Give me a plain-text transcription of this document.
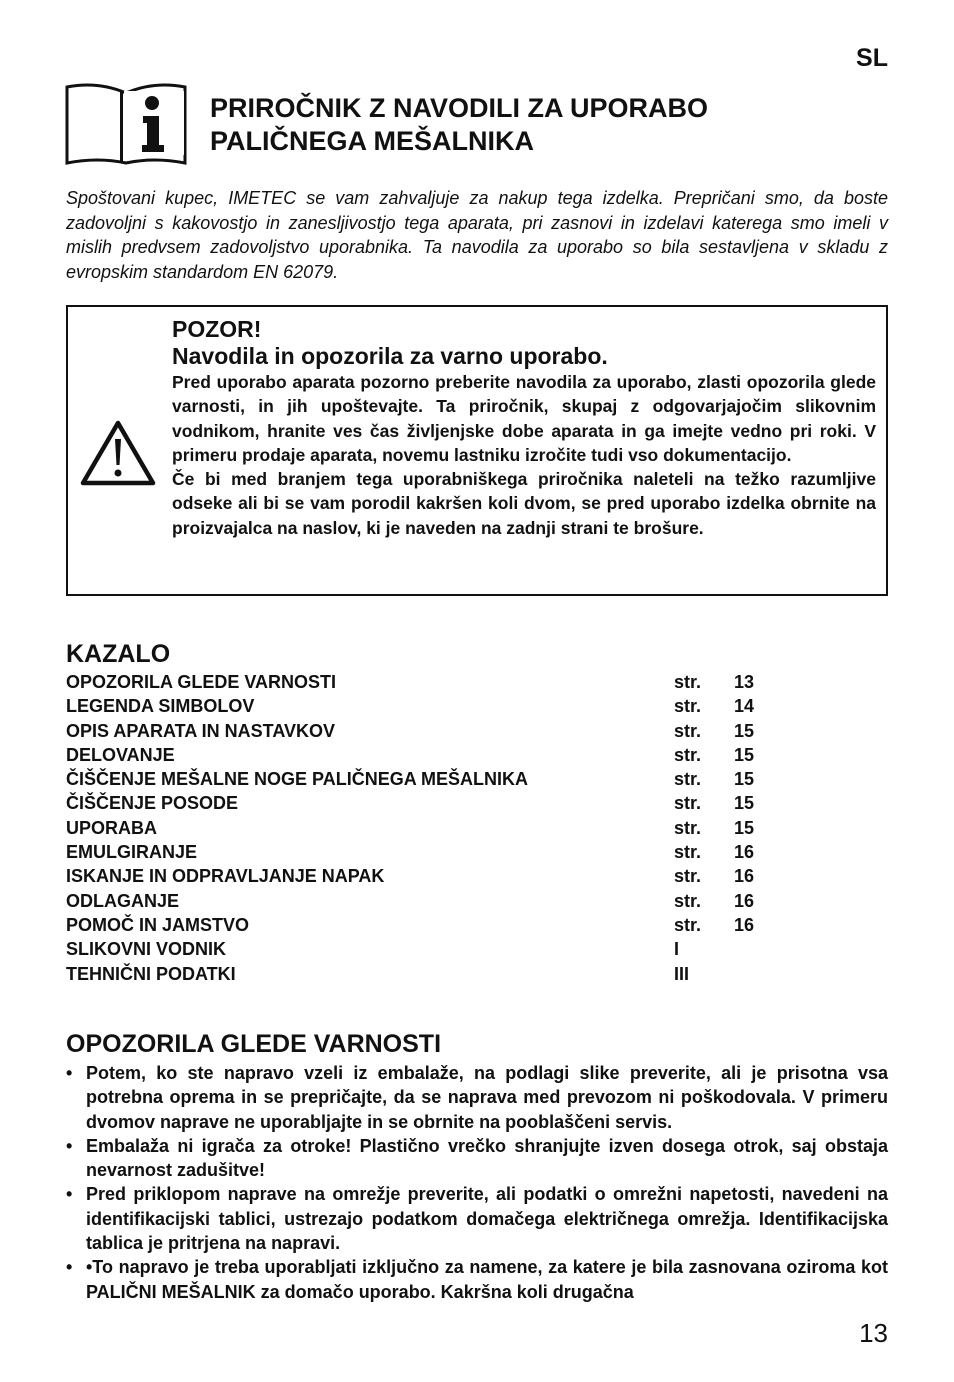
SL
PRIROČNIK Z NAVODILI ZA UPORABO
PALIČNEGA MEŠALNIKA
Spoštovani kupec, IMETEC se vam zahvaljuje za nakup tega izdelka. Prepričani smo, da boste zadovoljni s kakovostjo in zanesljivostjo tega aparata, pri zasnovi in izdelavi katerega smo imeli v mislih predvsem zadovoljstvo uporabnika. Ta navodila za uporabo so bila sestavljena v skladu z evropskim standardom EN 62079.
POZOR!
Navodila in opozorila za varno uporabo.
Pred uporabo aparata pozorno preberite navodila za uporabo, zlasti opozorila glede varnosti, in jih upoštevajte. Ta priročnik, skupaj z odgovarjajočim slikovnim vodnikom, hranite ves čas življenjske dobe aparata in ga imejte vedno pri roki. V primeru prodaje aparata, novemu lastniku izročite tudi vso dokumentacijo.
Če bi med branjem tega uporabniškega priročnika naleteli na težko razumljive odseke ali bi se vam porodil kakršen koli dvom, se pred uporabo izdelka obrnite na proizvajalca na naslov, ki je naveden na zadnji strani te brošure.
KAZALO
OPOZORILA GLEDE VARNOSTI	str. 13
LEGENDA SIMBOLOV	str. 14
OPIS APARATA IN NASTAVKOV	str. 15
DELOVANJE	str. 15
ČIŠČENJE MEŠALNE NOGE PALIČNEGA MEŠALNIKA	str. 15
ČIŠČENJE POSODE	str. 15
UPORABA	str. 15
EMULGIRANJE	str. 16
ISKANJE IN ODPRAVLJANJE NAPAK	str. 16
ODLAGANJE	str. 16
POMOČ IN JAMSTVO	str. 16
SLIKOVNI VODNIK	I
TEHNIČNI PODATKI	III
OPOZORILA GLEDE VARNOSTI
• Potem, ko ste napravo vzeli iz embalaže, na podlagi slike preverite, ali je prisotna vsa potrebna oprema in se prepričajte, da se naprava med prevozom ni poškodovala. V primeru dvomov naprave ne uporabljajte in se obrnite na pooblaščeni servis.
• Embalaža ni igrača za otroke! Plastično vrečko shranjujte izven dosega otrok, saj obstaja nevarnost zadušitve!
• Pred priklopom naprave na omrežje preverite, ali podatki o omrežni napetosti, navedeni na identifikacijski tablici, ustrezajo podatkom domačega električnega omrežja. Identifikacijska tablica je pritrjena na napravi.
• •To napravo je treba uporabljati izključno za namene, za katere je bila zasnovana oziroma kot PALIČNI MEŠALNIK za domačo uporabo. Kakršna koli drugačna
13
